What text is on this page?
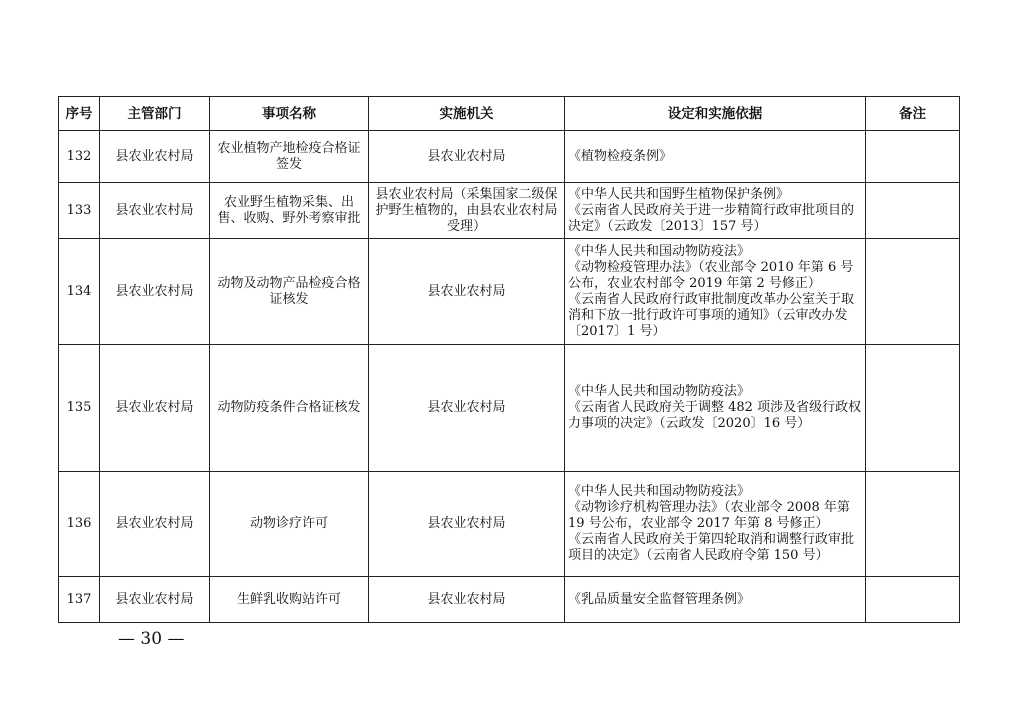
序号	主管部门	事项名称	实施机关	设定和实施依据	备注
132	县农业农村局	农业植物产地检疫合格证签发	县农业农村局	《植物检疫条例》	

133	县农业农村局	农业野生植物采集、出售、收购、野外考察审批	县农业农村局（采集国家二级保护野生植物的，由县农业农村局受理）	《中华人民共和国野生植物保护条例》
《云南省人民政府关于进一步精简行政审批项目的决定》（云政发〔2013〕157 号）	

134	县农业农村局	动物及动物产品检疫合格证核发	县农业农村局	《中华人民共和国动物防疫法》
《动物检疫管理办法》（农业部令 2010 年第 6 号公布，农业农村部令 2019 年第 2 号修正）
《云南省人民政府行政审批制度改革办公室关于取消和下放一批行政许可事项的通知》（云审改办发〔2017〕1 号）	

135	县农业农村局	动物防疫条件合格证核发	县农业农村局	《中华人民共和国动物防疫法》
《云南省人民政府关于调整 482 项涉及省级行政权力事项的决定》（云政发〔2020〕16 号）	

136	县农业农村局	动物诊疗许可	县农业农村局	《中华人民共和国动物防疫法》
《动物诊疗机构管理办法》（农业部令 2008 年第 19 号公布，农业部令 2017 年第 8 号修正）
《云南省人民政府关于第四轮取消和调整行政审批项目的决定》（云南省人民政府令第 150 号）	

137	县农业农村局	生鲜乳收购站许可	县农业农村局	《乳品质量安全监督管理条例》	

— 30 —
